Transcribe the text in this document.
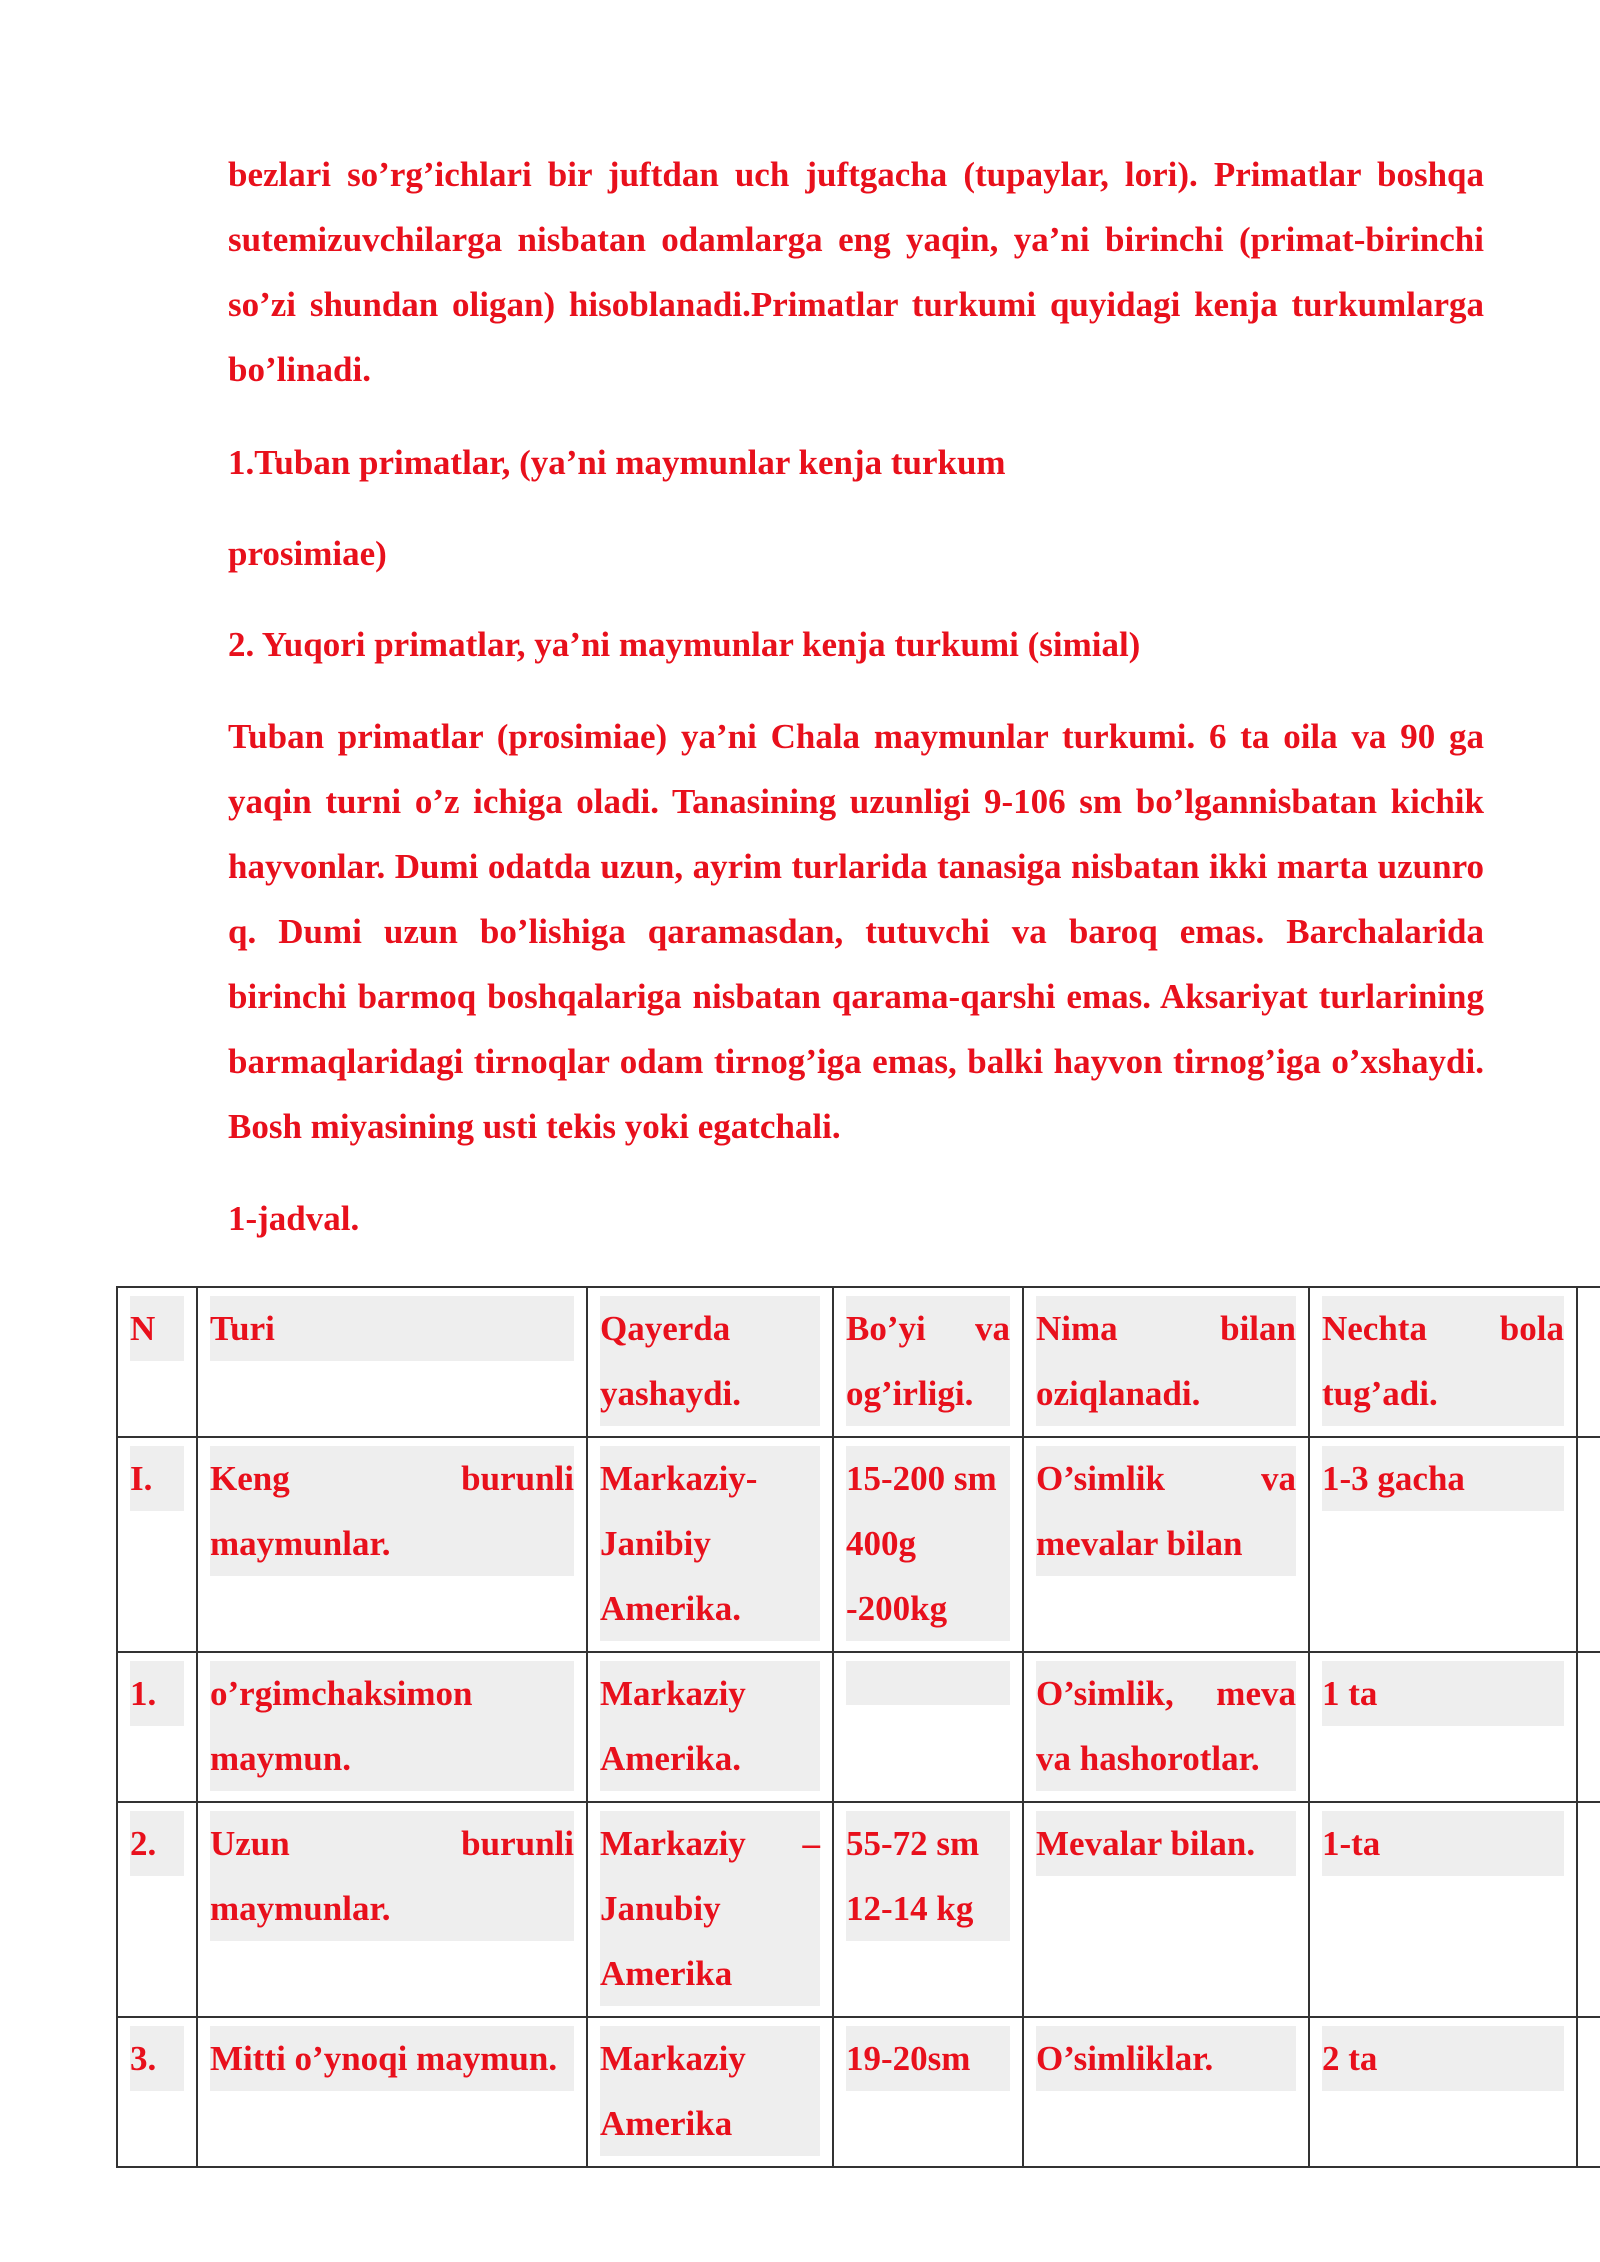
bezlari so’rg’ichlari bir juftdan uch juftgacha (tupaylar, lori). Primatlar boshqa sutemizuvchilarga nisbatan odamlarga eng yaqin, ya’ni birinchi (primat-birinchi so’zi shundan oligan) hisoblanadi.Primatlar turkumi quyidagi kenja turkumlarga bo’linadi.

1.Tuban primatlar, (ya’ni maymunlar kenja turkum

prosimiae)

2. Yuqori primatlar, ya’ni maymunlar kenja turkumi (simial)

Tuban primatlar (prosimiae) ya’ni Chala maymunlar turkumi. 6 ta oila va 90 ga yaqin turni o’z ichiga oladi. Tanasining uzunligi 9-106 sm bo’lgannisbatan kichik hayvonlar. Dumi odatda uzun, ayrim turlarida tanasiga nisbatan ikki marta uzunro q. Dumi uzun bo’lishiga qaramasdan, tutuvchi va baroq emas. Barchalarida birinchi barmoq boshqalariga nisbatan qarama-qarshi emas. Aksariyat turlarining barmaqlaridagi tirnoqlar odam tirnog’iga emas, balki hayvon tirnog’iga o’xshaydi. Bosh miyasining usti tekis yoki egatchali.

1-jadval.

N	Turi	Qayerda yashaydi.	Bo’yi va og’irligi.	Nima bilan oziqlanadi.	Nechta bola tug’adi.	

I.	Keng burunli maymunlar.	Markaziy-Janibiy Amerika.	15-200 sm 400g -200kg	O’simlik va mevalar bilan	1-3 gacha	

1.	o’rgimchaksimon maymun.	Markaziy Amerika.		O’simlik, meva va hashorotlar.	1 ta	

2.	Uzun burunli maymunlar.	Markaziy – Janubiy Amerika	55-72 sm 12-14 kg	Mevalar bilan.	1-ta	

3.	Mitti o’ynoqi maymun.	Markaziy Amerika	19-20sm	O’simliklar.	2 ta	
